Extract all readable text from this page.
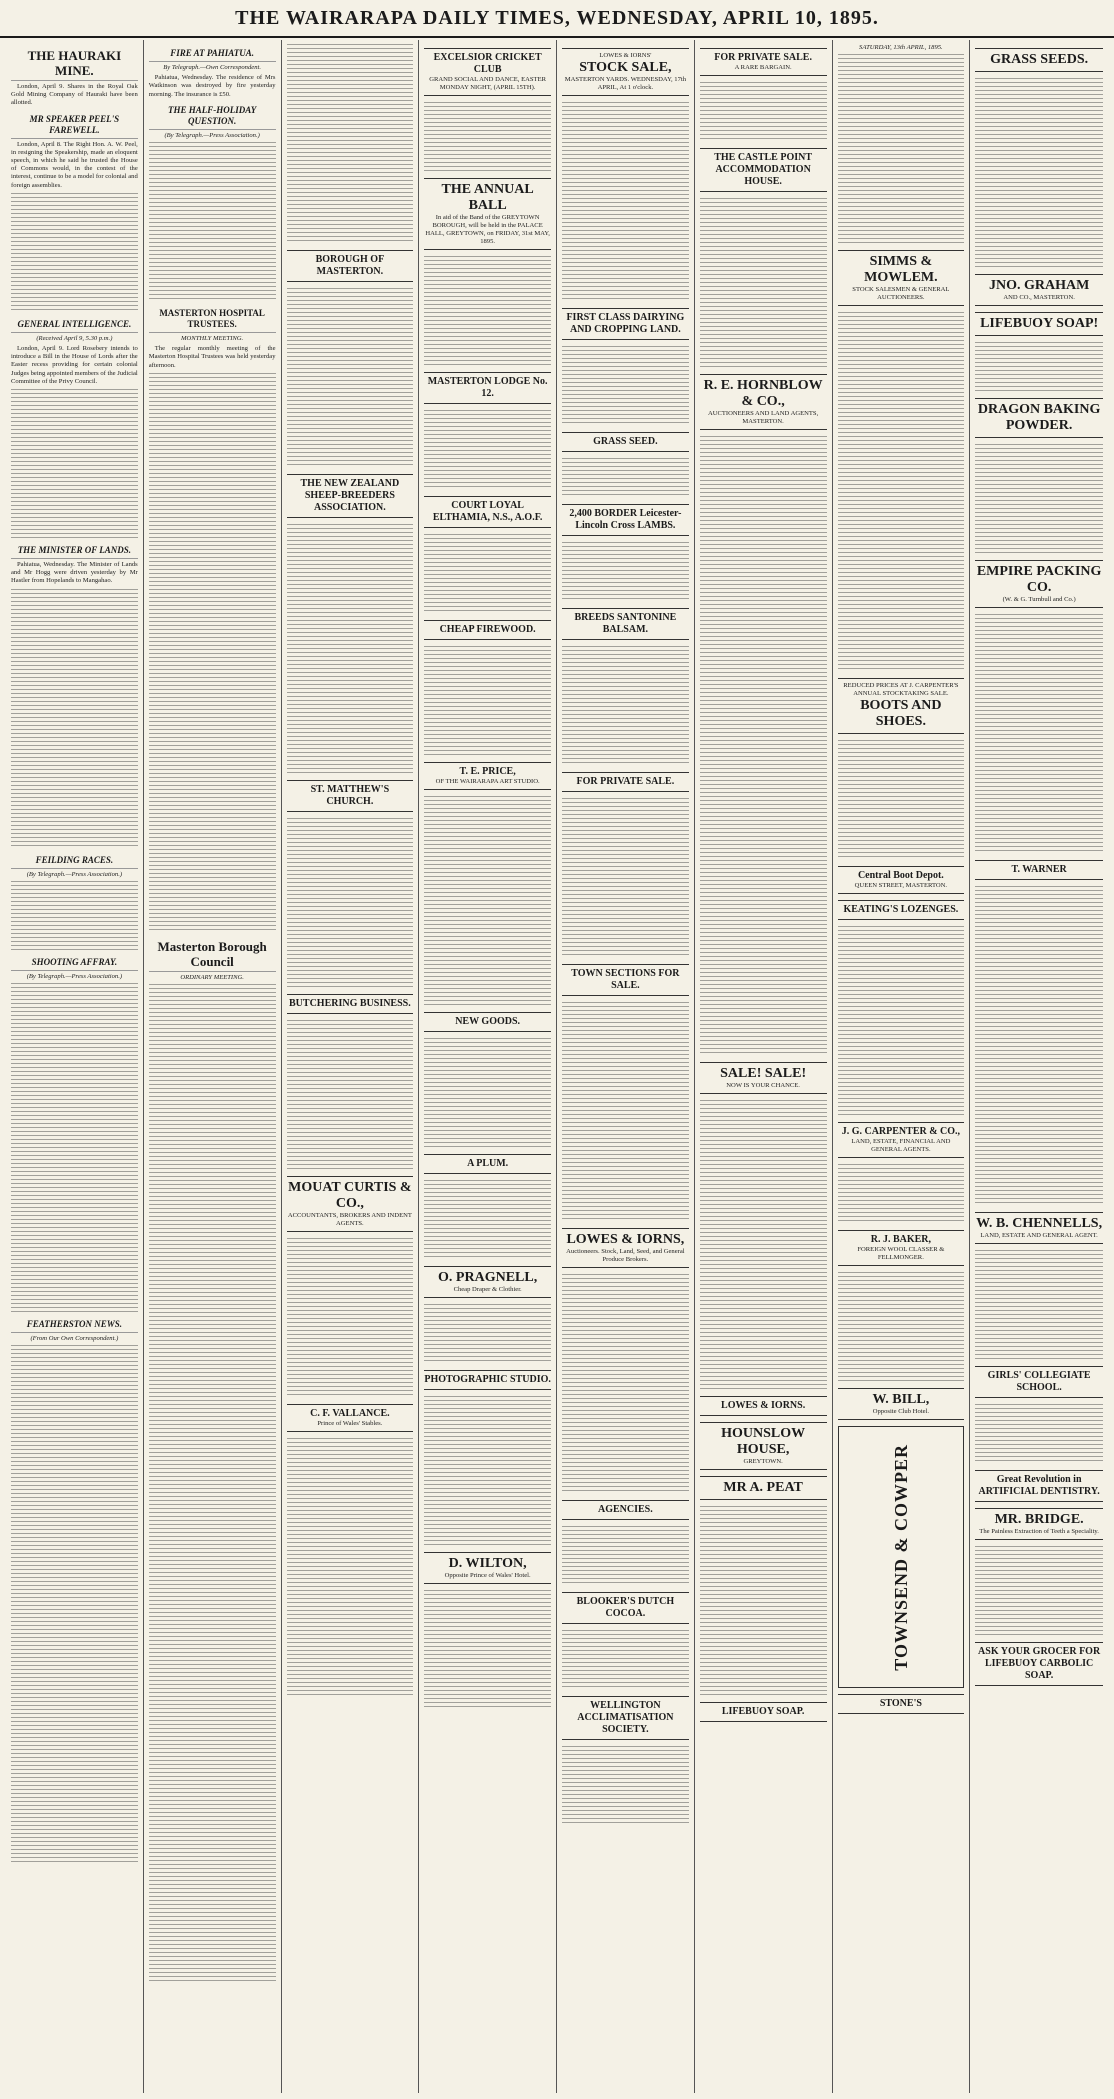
THE WAIRARAPA DAILY TIMES, WEDNESDAY, APRIL 10, 1895.
THE HAURAKI MINE.

London, April 9. Shares in the Royal Oak Gold Mining Company of Hauraki have been allotted.

MR SPEAKER PEEL'S FAREWELL.

London, April 8. The Right Hon. A. W. Peel, in resigning the Speakership, made an eloquent speech, in which he said he trusted the House of Commons would, in the contest of the interest, continue to be a model for colonial and foreign assemblies.

GENERAL INTELLIGENCE.
(Received April 9, 5.30 p.m.)

London, April 9. Lord Rosebery intends to introduce a Bill in the House of Lords after the Easter recess providing for certain colonial Judges being appointed members of the Judicial Committee of the Privy Council.

THE MINISTER OF LANDS.

Pahiatua, Wednesday. The Minister of Lands and Mr Hogg were driven yesterday by Mr Hastler from Hopelands to Mangahao.

FEILDING RACES.
(By Telegraph.—Press Association.)
SHOOTING AFFRAY.
(By Telegraph.—Press Association.)
FEATHERSTON NEWS.
(From Our Own Correspondent.)
FIRE AT PAHIATUA.
By Telegraph.—Own Correspondent.

Pahiatua, Wednesday. The residence of Mrs Watkinson was destroyed by fire yesterday morning. The insurance is £50.

THE HALF-HOLIDAY QUESTION.
(By Telegraph.—Press Association.)
MASTERTON HOSPITAL TRUSTEES.
MONTHLY MEETING.

The regular monthly meeting of the Masterton Hospital Trustees was held yesterday afternoon.

Masterton Borough Council
ORDINARY MEETING.
BOROUGH OF MASTERTON.
THE NEW ZEALAND SHEEP-BREEDERS ASSOCIATION.
ST. MATTHEW'S CHURCH.
BUTCHERING BUSINESS.
MOUAT CURTIS & CO.,
ACCOUNTANTS, BROKERS AND INDENT AGENTS.
C. F. VALLANCE.
Prince of Wales' Stables.
EXCELSIOR CRICKET CLUB
GRAND SOCIAL AND DANCE, EASTER MONDAY NIGHT, (APRIL 15TH).
THE ANNUAL BALL
In aid of the Band of the GREYTOWN BOROUGH, will be held in the PALACE HALL, GREYTOWN, on FRIDAY, 31st MAY, 1895.
MASTERTON LODGE No. 12.
COURT LOYAL ELTHAMIA, N.S., A.O.F.
CHEAP FIREWOOD.
T. E. PRICE,
OF THE WAIRARAPA ART STUDIO.
NEW GOODS.
A PLUM.
O. PRAGNELL,
Cheap Draper & Clothier.
PHOTOGRAPHIC STUDIO.
D. WILTON,
Opposite Prince of Wales' Hotel.
LOWES & IORNS'
STOCK SALE,
MASTERTON YARDS. WEDNESDAY, 17th APRIL, At 1 o'clock.
FIRST CLASS DAIRYING AND CROPPING LAND.
GRASS SEED.
2,400 BORDER Leicester-Lincoln Cross LAMBS.
BREEDS SANTONINE BALSAM.
FOR PRIVATE SALE.
TOWN SECTIONS FOR SALE.
LOWES & IORNS,
Auctioneers. Stock, Land, Seed, and General Produce Brokers.
AGENCIES.
BLOOKER'S DUTCH COCOA.
WELLINGTON ACCLIMATISATION SOCIETY.
FOR PRIVATE SALE.
A RARE BARGAIN.
THE CASTLE POINT ACCOMMODATION HOUSE.
R. E. HORNBLOW & CO.,
AUCTIONEERS AND LAND AGENTS, MASTERTON.
SALE! SALE!
NOW IS YOUR CHANCE.
LOWES & IORNS.
HOUNSLOW HOUSE,
GREYTOWN.
MR A. PEAT
LIFEBUOY SOAP.
SATURDAY, 13th APRIL, 1895.
SIMMS & MOWLEM.
STOCK SALESMEN & GENERAL AUCTIONEERS.
REDUCED PRICES AT J. CARPENTER'S ANNUAL STOCKTAKING SALE.
BOOTS AND SHOES.
Central Boot Depot.
QUEEN STREET, MASTERTON.
KEATING'S LOZENGES.
J. G. CARPENTER & CO.,
LAND, ESTATE, FINANCIAL AND GENERAL AGENTS.
R. J. BAKER,
FOREIGN WOOL CLASSER & FELLMONGER.
W. BILL,
Opposite Club Hotel.
TOWNSEND & COWPER
STONE'S
GRASS SEEDS.
JNO. GRAHAM
AND CO., MASTERTON.
LIFEBUOY SOAP!
DRAGON BAKING POWDER.
EMPIRE PACKING CO.
(W. & G. Turnbull and Co.)
T. WARNER
W. B. CHENNELLS,
LAND, ESTATE AND GENERAL AGENT.
GIRLS' COLLEGIATE SCHOOL.
Great Revolution in ARTIFICIAL DENTISTRY.
MR. BRIDGE.
The Painless Extraction of Teeth a Speciality.
ASK YOUR GROCER FOR LIFEBUOY CARBOLIC SOAP.
